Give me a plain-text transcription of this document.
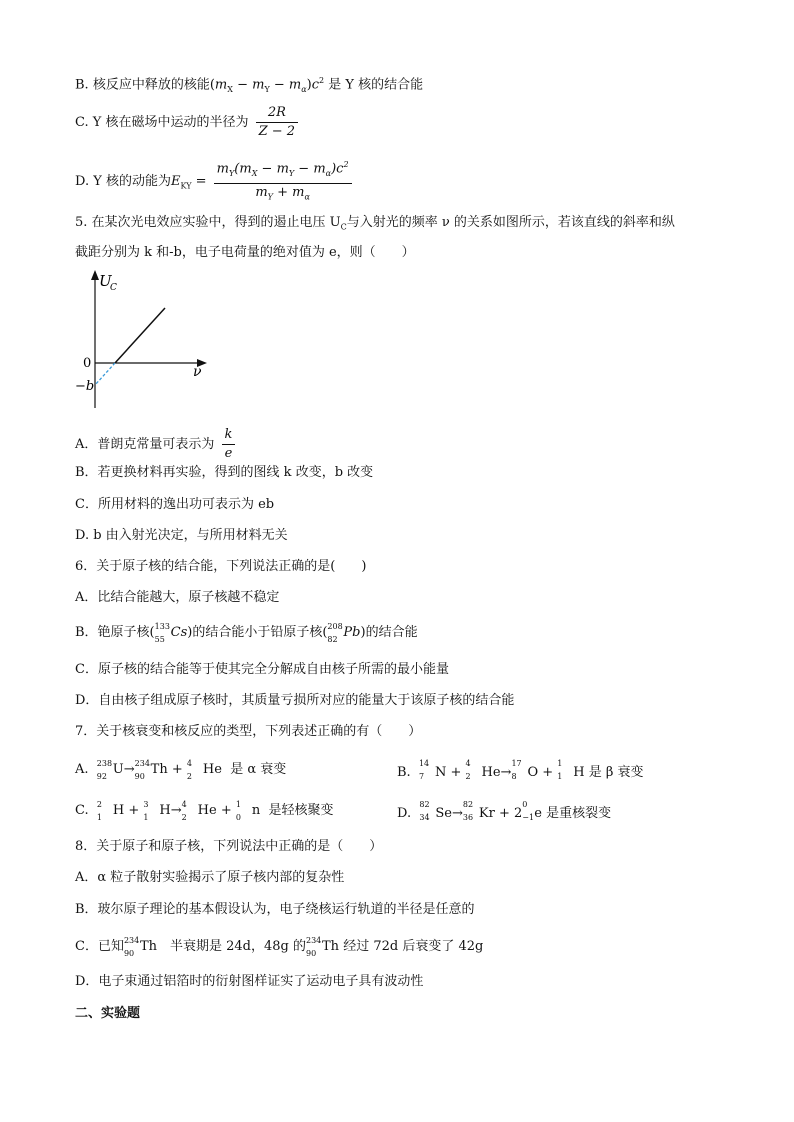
B. 核反应中释放的核能$(m_X - m_Y - m_\alpha)c^2$ 是 Y 核的结合能
C. Y 核在磁场中运动的半径为 $\frac{2R}{Z - 2}$
D. Y 核的动能为$E_{KY} = \frac{m_Y(m_X - m_Y - m_\alpha)c^2}{m_Y + m_\alpha}$
5. 在某次光电效应实验中，得到的遏止电压 $U_C$与入射光的频率 ν 的关系如图所示，若该直线的斜率和纵
截距分别为 k 和-b，电子电荷量的绝对值为 e，则（　　）
U
C
0
−b
ν
A．普朗克常量可表示为 $\frac{k}{e}$
B．若更换材料再实验，得到的图线 k 改变，b 改变
C．所用材料的逸出功可表示为 eb
D. b 由入射光决定，与所用材料无关
6．关于原子核的结合能，下列说法正确的是(　　)
A．比结合能越大，原子核越不稳定
B．铯原子核( 133
55 Cs)的结合能小于铅原子核( 208
82 Pb)的结合能
C．原子核的结合能等于使其完全分解成自由核子所需的最小能量
D．自由核子组成原子核时，其质量亏损所对应的能量大于该原子核的结合能
7．关于核衰变和核反应的类型，下列表述正确的有（　　）
A. 238
92 U→ 234
90 Th + 4
2 He 是 α 衰变	B.
14
7 N +
4
2 He→
17
8 O +
1
1 H 是 β 衰变
C. 2
1 H + 3
1 H→ 4
2 He + 1
0 n 是轻核聚变	D.
82
34 Se→
82
36 Kr + 2
0
−1 e 是重核裂变
8．关于原子和原子核，下列说法中正确的是（　　）
A．α 粒子散射实验揭示了原子核内部的复杂性
B．玻尔原子理论的基本假设认为，电子绕核运行轨道的半径是任意的
C．已知 234
90 Th　半衰期是 24d，48g 的 234
90 Th 经过 72d 后衰变了 42g
D．电子束通过铝箔时的衍射图样证实了运动电子具有波动性
二、实验题
